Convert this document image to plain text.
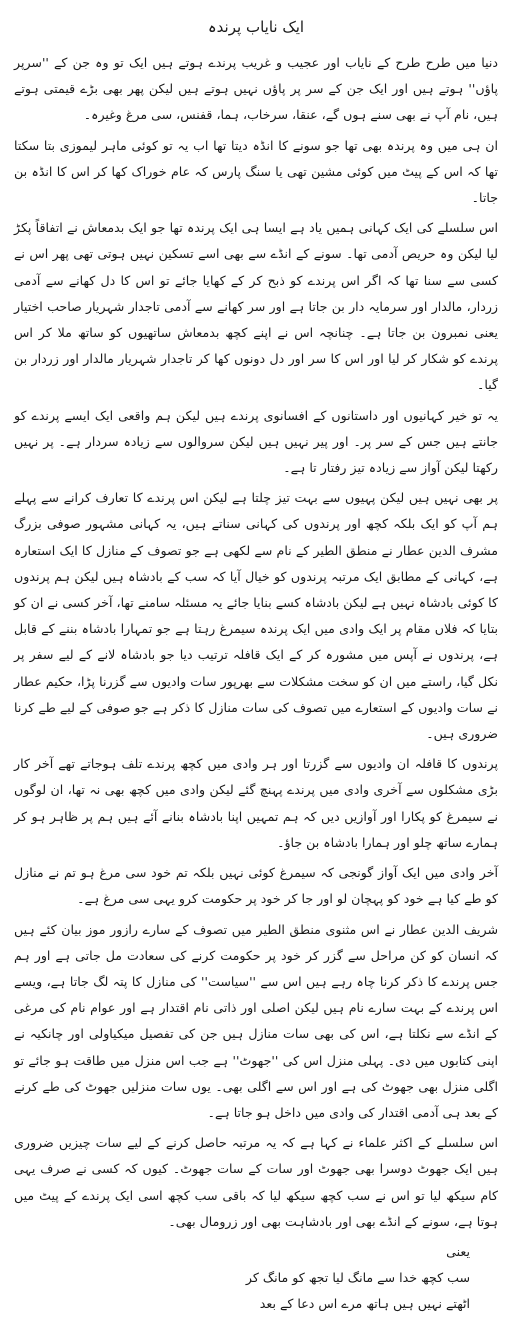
ایک نایاب پرندہ

دنیا میں طرح طرح کے نایاب اور عجیب و غریب پرندے ہوتے ہیں ایک تو وہ جن کے ''سرپر پاؤں'' ہوتے ہیں اور ایک جن کے سر پر پاؤں نہیں ہوتے ہیں لیکن پھر بھی بڑے قیمتی ہوتے ہیں، نام آپ نے بھی سنے ہوں گے، عنقا، سرخاب، ہما، قفنس، سی مرغ وغیرہ۔

ان ہی میں وہ پرندہ بھی تھا جو سونے کا انڈہ دیتا تھا اب یہ تو کوئی ماہر لیموزی بتا سکتا تھا کہ اس کے پیٹ میں کوئی مشین تھی یا سنگ پارس کہ عام خوراک کھا کر اس کا انڈہ بن جاتا۔

اس سلسلے کی ایک کہانی ہمیں یاد ہے ایسا ہی ایک پرندہ تھا جو ایک بدمعاش نے اتفاقاً پکڑ لیا لیکن وہ حریص آدمی تھا۔ سونے کے انڈے سے بھی اسے تسکین نہیں ہوتی تھی پھر اس نے کسی سے سنا تھا کہ اگر اس پرندے کو ذبح کر کے کھایا جائے تو اس کا دل کھانے سے آدمی زردار، مالدار اور سرمایہ دار بن جاتا ہے اور سر کھانے سے آدمی تاجدار شہریار صاحب اختیار یعنی نمبرون بن جاتا ہے۔ چنانچہ اس نے اپنے کچھ بدمعاش ساتھیوں کو ساتھ ملا کر اس پرندے کو شکار کر لیا اور اس کا سر اور دل دونوں کھا کر تاجدار شہریار مالدار اور زردار بن گیا۔

یہ تو خیر کہانیوں اور داستانوں کے افسانوی پرندے ہیں لیکن ہم واقعی ایک ایسے پرندے کو جانتے ہیں جس کے سر پر۔ اور پیر نہیں ہیں لیکن سروالوں سے زیادہ سردار ہے۔ پر نہیں رکھتا لیکن آواز سے زیادہ تیز رفتار تا ہے۔

پر بھی نہیں ہیں لیکن پہیوں سے بہت تیز چلتا ہے لیکن اس پرندے کا تعارف کرانے سے پہلے ہم آپ کو ایک بلکہ کچھ اور پرندوں کی کہانی سناتے ہیں، یہ کہانی مشہور صوفی بزرگ مشرف الدین عطار نے منطق الطیر کے نام سے لکھی ہے جو تصوف کے منازل کا ایک استعارہ ہے، کہانی کے مطابق ایک مرتبہ پرندوں کو خیال آیا کہ سب کے بادشاہ ہیں لیکن ہم پرندوں کا کوئی بادشاہ نہیں ہے لیکن بادشاہ کسے بنایا جائے یہ مسئلہ سامنے تھا، آخر کسی نے ان کو بتایا کہ فلاں مقام پر ایک وادی میں ایک پرندہ سیمرغ رہتا ہے جو تمہارا بادشاہ بننے کے قابل ہے، پرندوں نے آپس میں مشورہ کر کے ایک قافلہ ترتیب دیا جو بادشاہ لانے کے لیے سفر پر نکل گیا، راستے میں ان کو سخت مشکلات سے بھرپور سات وادیوں سے گزرنا پڑا، حکیم عطار نے سات وادیوں کے استعارے میں تصوف کی سات منازل کا ذکر ہے جو صوفی کے لیے طے کرنا ضروری ہیں۔

پرندوں کا قافلہ ان وادیوں سے گزرتا اور ہر وادی میں کچھ پرندے تلف ہوجاتے تھے آخر کار بڑی مشکلوں سے آخری وادی میں پرندے پہنچ گئے لیکن وادی میں کچھ بھی نہ تھا، ان لوگوں نے سیمرغ کو پکارا اور آوازیں دیں کہ ہم تمہیں اپنا بادشاہ بنانے آئے ہیں ہم پر ظاہر ہو کر ہمارے ساتھ چلو اور ہمارا بادشاہ بن جاؤ۔

آخر وادی میں ایک آواز گونجی کہ سیمرغ کوئی نہیں بلکہ تم خود سی مرغ ہو تم نے منازل کو طے کیا ہے خود کو پہچان لو اور جا کر خود پر حکومت کرو یہی سی مرغ ہے۔

شریف الدین عطار نے اس مثنوی منطق الطیر میں تصوف کے سارے رازور موز بیان کئے ہیں کہ انسان کو کن مراحل سے گزر کر خود پر حکومت کرنے کی سعادت مل جاتی ہے اور ہم جس پرندے کا ذکر کرنا چاہ رہے ہیں اس سے ''سیاست'' کی منازل کا پتہ لگ جاتا ہے، ویسے اس پرندے کے بہت سارے نام ہیں لیکن اصلی اور ذاتی نام اقتدار ہے اور عوام نام کی مرغی کے انڈے سے نکلتا ہے، اس کی بھی سات منازل ہیں جن کی تفصیل میکیاولی اور چانکیہ نے اپنی کتابوں میں دی۔ پہلی منزل اس کی ''جھوٹ'' ہے جب اس منزل میں طاقت ہو جائے تو اگلی منزل بھی جھوٹ کی ہے اور اس سے اگلی بھی۔ یوں سات منزلیں جھوٹ کی طے کرنے کے بعد ہی آدمی اقتدار کی وادی میں داخل ہو جاتا ہے۔

اس سلسلے کے اکثر علماء نے کہا ہے کہ یہ مرتبہ حاصل کرنے کے لیے سات چیزیں ضروری ہیں ایک جھوٹ دوسرا بھی جھوٹ اور سات کے سات جھوٹ۔ کیوں کہ کسی نے صرف یہی کام سیکھ لیا تو اس نے سب کچھ سیکھ لیا کہ باقی سب کچھ اسی ایک پرندے کے پیٹ میں ہوتا ہے، سونے کے انڈے بھی اور بادشاہت بھی اور زرومال بھی۔

یعنی
سب کچھ خدا سے مانگ لیا تجھ کو مانگ کر
اٹھتے نہیں ہیں ہاتھ مرے اس دعا کے بعد
